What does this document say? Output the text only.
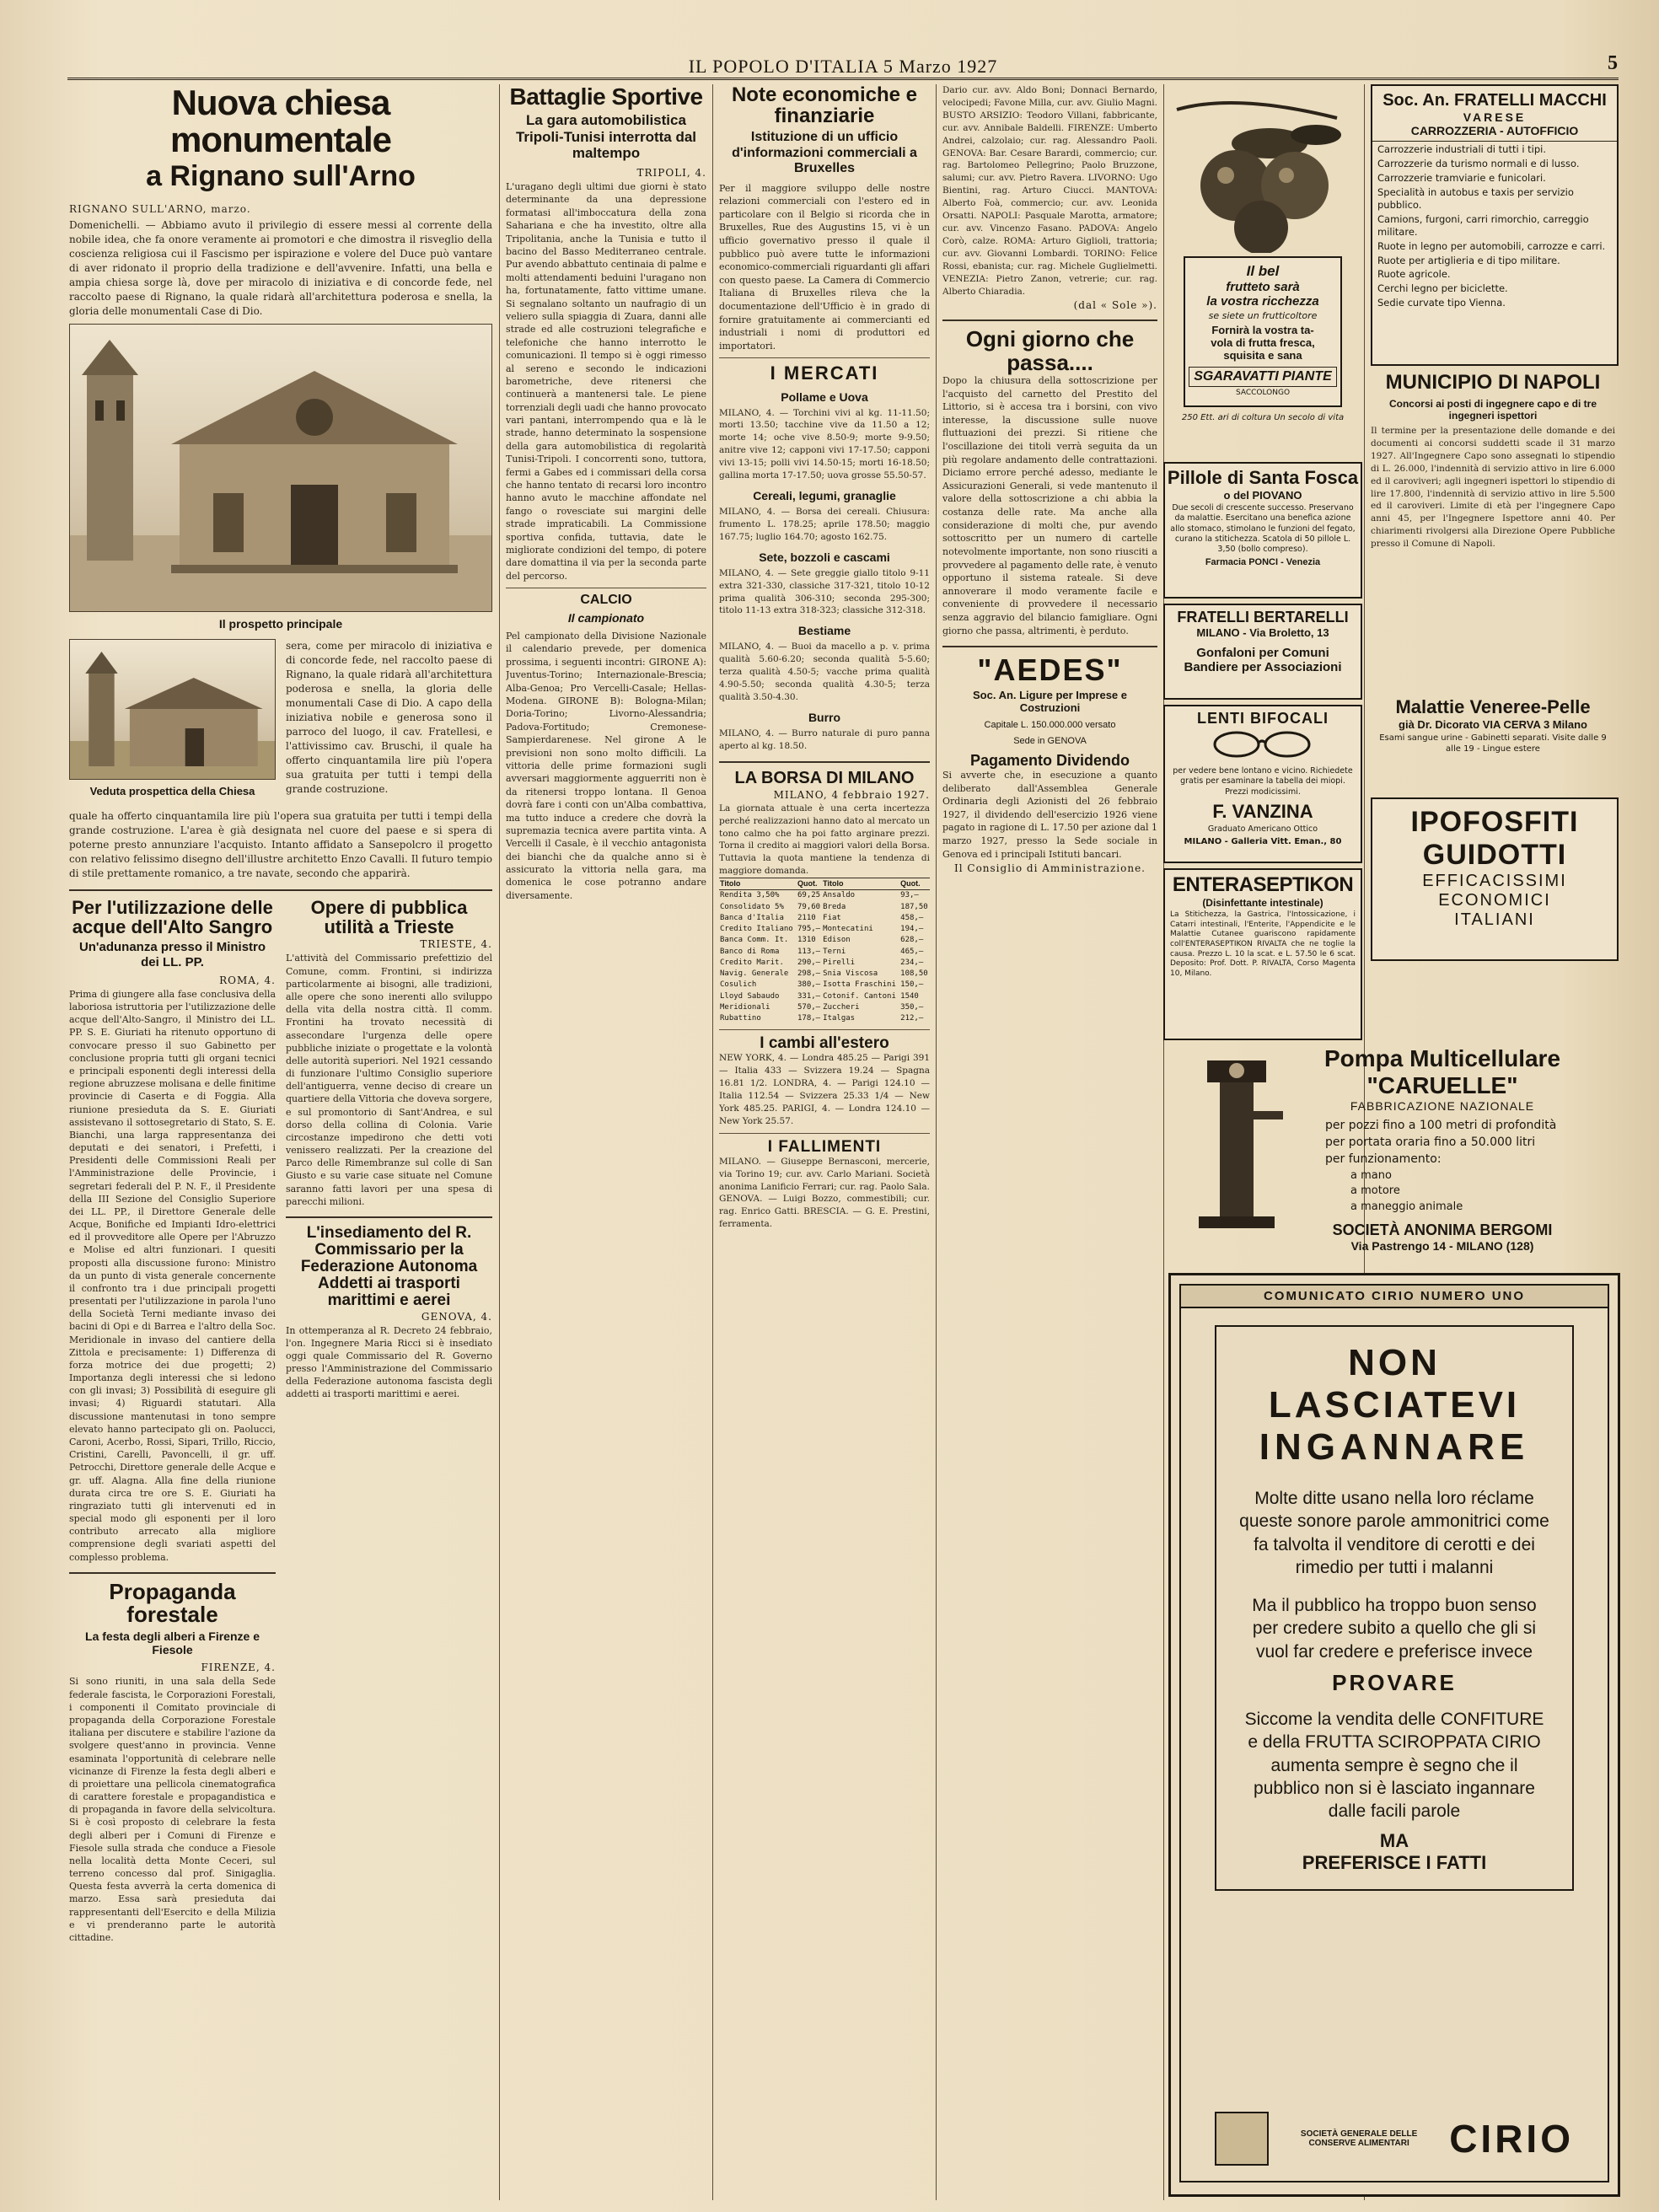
IL POPOLO D'ITALIA 5 Marzo 1927	5
Nuova chiesa monumentale
a Rignano sull'Arno

RIGNANO SULL'ARNO, marzo.
Domenichelli. — Abbiamo avuto il privilegio di essere messi al corrente della nobile idea, che fa onore veramente ai promotori e che dimostra il risveglio della coscienza religiosa cui il Fascismo per ispirazione e volere del Duce può vantare di aver ridonato il proprio della tradizione e dell'avvenire. Infatti, una bella e ampia chiesa sorge là, dove per miracolo di iniziativa e di concorde fede, nel raccolto paese di Rignano, la quale ridarà all'architettura poderosa e snella, la gloria delle monumentali Case di Dio.

Il prospetto principale
Veduta prospettica della Chiesa

sera, come per miracolo di iniziativa e di concorde fede, nel raccolto paese di Rignano, la quale ridarà all'architettura poderosa e snella, la gloria delle monumentali Case di Dio. A capo della iniziativa nobile e generosa sono il parroco del luogo, il cav. Fratellesi, e l'attivissimo cav. Bruschi, il quale ha offerto cinquantamila lire più l'opera sua gratuita per tutti i tempi della grande costruzione.

quale ha offerto cinquantamila lire più l'opera sua gratuita per tutti i tempi della grande costruzione. L'area è già designata nel cuore del paese e si spera di poterne presto annunziare l'acquisto. Intanto affidato a Sansepolcro il progetto con relativo felissimo disegno dell'illustre architetto Enzo Cavalli. Il futuro tempio di stile prettamente romanico, a tre navate, secondo che apparirà.

Per l'utilizzazione delle acque dell'Alto Sangro
Un'adunanza presso il Ministro dei LL. PP.
ROMA, 4.

Prima di giungere alla fase conclusiva della laboriosa istruttoria per l'utilizzazione delle acque dell'Alto-Sangro, il Ministro dei LL. PP. S. E. Giuriati ha ritenuto opportuno di convocare presso il suo Gabinetto per conclusione propria tutti gli organi tecnici e principali esponenti degli interessi della regione abruzzese molisana e delle finitime provincie di Caserta e di Foggia. Alla riunione presieduta da S. E. Giuriati assistevano il sottosegretario di Stato, S. E. Bianchi, una larga rappresentanza dei deputati e dei senatori, i Prefetti, i Presidenti delle Commissioni Reali per l'Amministrazione delle Provincie, i segretari federali del P. N. F., il Presidente della III Sezione del Consiglio Superiore dei LL. PP., il Direttore Generale delle Acque, Bonifiche ed Impianti Idro-elettrici ed il provveditore alle Opere per l'Abruzzo e Molise ed altri funzionari. I quesiti proposti alla discussione furono: Ministro da un punto di vista generale concernente il confronto tra i due principali progetti presentati per l'utilizzazione in parola l'uno della Società Terni mediante invaso dei bacini di Opi e di Barrea e l'altro della Soc. Meridionale in invaso del cantiere della Zittola e precisamente: 1) Differenza di forza motrice dei due progetti; 2) Importanza degli interessi che si ledono con gli invasi; 3) Possibilità di eseguire gli invasi; 4) Riguardi statutari. Alla discussione mantenutasi in tono sempre elevato hanno partecipato gli on. Paolucci, Caroni, Acerbo, Rossi, Sipari, Trillo, Riccio, Cristini, Carelli, Pavoncelli, il gr. uff. Petrocchi, Direttore generale delle Acque e gr. uff. Alagna. Alla fine della riunione durata circa tre ore S. E. Giuriati ha ringraziato tutti gli intervenuti ed in special modo gli esponenti per il loro contributo arrecato alla migliore comprensione degli svariati aspetti del complesso problema.

Propaganda forestale
La festa degli alberi a Firenze e Fiesole
FIRENZE, 4.

Si sono riuniti, in una sala della Sede federale fascista, le Corporazioni Forestali, i componenti il Comitato provinciale di propaganda della Corporazione Forestale italiana per discutere e stabilire l'azione da svolgere quest'anno in provincia. Venne esaminata l'opportunità di celebrare nelle vicinanze di Firenze la festa degli alberi e di proiettare una pellicola cinematografica di carattere forestale e propagandistica e di propaganda in favore della selvicoltura. Si è così proposto di celebrare la festa degli alberi per i Comuni di Firenze e Fiesole sulla strada che conduce a Fiesole nella località detta Monte Ceceri, sul terreno concesso dal prof. Sinigaglia. Questa festa avverrà la certa domenica di marzo. Essa sarà presieduta dai rappresentanti dell'Esercito e della Milizia e vi prenderanno parte le autorità cittadine.

Opere di pubblica utilità a Trieste
TRIESTE, 4.

L'attività del Commissario prefettizio del Comune, comm. Frontini, si indirizza particolarmente ai bisogni, alle tradizioni, alle opere che sono inerenti allo sviluppo della vita della nostra città. Il comm. Frontini ha trovato necessità di assecondare l'urgenza delle opere pubbliche iniziate o progettate e la volontà delle autorità superiori. Nel 1921 cessando di funzionare l'ultimo Consiglio superiore dell'antiguerra, venne deciso di creare un quartiere della Vittoria che doveva sorgere, e sul promontorio di Sant'Andrea, e sul dorso della collina di Colonia. Varie circostanze impedirono che detti voti venissero realizzati. Per la creazione del Parco delle Rimembranze sul colle di San Giusto e su varie case situate nel Comune saranno fatti lavori per una spesa di parecchi milioni.

L'insediamento del R. Commissario per la Federazione Autonoma Addetti ai trasporti marittimi e aerei
GENOVA, 4.

In ottemperanza al R. Decreto 24 febbraio, l'on. Ingegnere Maria Ricci si è insediato oggi quale Commissario del R. Governo presso l'Amministrazione del Commissario della Federazione autonoma fascista degli addetti ai trasporti marittimi e aerei.

Battaglie Sportive
La gara automobilistica Tripoli-Tunisi interrotta dal maltempo
TRIPOLI, 4.

L'uragano degli ultimi due giorni è stato determinante da una depressione formatasi all'imboccatura della zona Sahariana e che ha investito, oltre alla Tripolitania, anche la Tunisia e tutto il bacino del Basso Mediterraneo centrale. Pur avendo abbattuto centinaia di palme e molti attendamenti beduini l'uragano non ha, fortunatamente, fatto vittime umane. Si segnalano soltanto un naufragio di un veliero sulla spiaggia di Zuara, danni alle strade ed alle costruzioni telegrafiche e telefoniche che hanno interrotto le comunicazioni. Il tempo si è oggi rimesso al sereno e secondo le indicazioni barometriche, deve ritenersi che continuerà a mantenersi tale. Le piene torrenziali degli uadi che hanno provocato vari pantani, interrompendo qua e là le strade, hanno determinato la sospensione della gara automobilistica di regolarità Tunisi-Tripoli. I concorrenti sono, tuttora, fermi a Gabes ed i commissari della corsa che hanno tentato di recarsi loro incontro hanno avuto le macchine affondate nel fango o rovesciate sui margini delle strade impraticabili. La Commissione sportiva confida, tuttavia, date le migliorate condizioni del tempo, di potere dare domattina il via per la seconda parte del percorso.

CALCIO
Il campionato

Pel campionato della Divisione Nazionale il calendario prevede, per domenica prossima, i seguenti incontri: GIRONE A): Juventus-Torino; Internazionale-Brescia; Alba-Genoa; Pro Vercelli-Casale; Hellas-Modena. GIRONE B): Bologna-Milan; Doria-Torino; Livorno-Alessandria; Padova-Fortitudo; Cremonese-Sampierdarenese. Nel girone A le previsioni non sono molto difficili. La vittoria delle prime formazioni sugli avversari maggiormente agguerriti non è da ritenersi troppo lontana. Il Genoa dovrà fare i conti con un'Alba combattiva, ma tutto induce a credere che dovrà la supremazia tecnica avere partita vinta. A Vercelli il Casale, è il vecchio antagonista dei bianchi che da qualche anno si è assicurato la vittoria nella gara, ma domenica le cose potranno andare diversamente.

Note economiche e finanziarie
Istituzione di un ufficio d'informazioni commerciali a Bruxelles

Per il maggiore sviluppo delle nostre relazioni commerciali con l'estero ed in particolare con il Belgio si ricorda che in Bruxelles, Rue des Augustins 15, vi è un ufficio governativo presso il quale il pubblico può avere tutte le informazioni economico-commerciali riguardanti gli affari con questo paese. La Camera di Commercio Italiana di Bruxelles rileva che la documentazione dell'Ufficio è in grado di fornire gratuitamente ai commercianti ed industriali i nomi di produttori ed importatori.

I MERCATI
Pollame e Uova

MILANO, 4. — Torchini vivi al kg. 11-11.50; morti 13.50; tacchine vive da 11.50 a 12; morte 14; oche vive 8.50-9; morte 9-9.50; anitre vive 12; capponi vivi 17-17.50; capponi vivi 13-15; polli vivi 14.50-15; morti 16-18.50; gallina morta 17-17.50; uova grosse 55.50-57.

Cereali, legumi, granaglie

MILANO, 4. — Borsa dei cereali. Chiusura: frumento L. 178.25; aprile 178.50; maggio 167.75; luglio 164.70; agosto 162.75.

Sete, bozzoli e cascami

MILANO, 4. — Sete greggie giallo titolo 9-11 extra 321-330, classiche 317-321, titolo 10-12 prima qualità 306-310; seconda 295-300; titolo 11-13 extra 318-323; classiche 312-318.

Bestiame

MILANO, 4. — Buoi da macello a p. v. prima qualità 5.60-6.20; seconda qualità 5-5.60; terza qualità 4.50-5; vacche prima qualità 4.90-5.50; seconda qualità 4.30-5; terza qualità 3.50-4.30.

Burro

MILANO, 4. — Burro naturale di puro panna aperto al kg. 18.50.

LA BORSA DI MILANO
MILANO, 4 febbraio 1927.

La giornata attuale è una certa incertezza perché realizzazioni hanno dato al mercato un tono calmo che ha poi fatto arginare prezzi. Torna il credito ai maggiori valori della Borsa. Tuttavia la quota mantiene la tendenza di maggiore domanda.

Titolo	Quot.	Titolo	Quot.
Rendita 3,50%	69,25	Ansaldo	93,—
Consolidato 5%	79,60	Breda	187,50
Banca d'Italia	2110	Fiat	458,—
Credito Italiano	795,—	Montecatini	194,—
Banca Comm. It.	1310	Edison	628,—
Banco di Roma	113,—	Terni	465,—
Credito Marit.	290,—	Pirelli	234,—
Navig. Generale	298,—	Snia Viscosa	108,50
Cosulich	380,—	Isotta Fraschini	150,—
Lloyd Sabaudo	331,—	Cotonif. Cantoni	1540
Meridionali	570,—	Zuccheri	350,—
Rubattino	178,—	Italgas	212,—
I cambi all'estero

NEW YORK, 4. — Londra 485.25 — Parigi 391 — Italia 433 — Svizzera 19.24 — Spagna 16.81 1/2. LONDRA, 4. — Parigi 124.10 — Italia 112.54 — Svizzera 25.33 1/4 — New York 485.25. PARIGI, 4. — Londra 124.10 — New York 25.57.

I FALLIMENTI

MILANO. — Giuseppe Bernasconi, mercerie, via Torino 19; cur. avv. Carlo Mariani. Società anonima Lanificio Ferrari; cur. rag. Paolo Sala. GENOVA. — Luigi Bozzo, commestibili; cur. rag. Enrico Gatti. BRESCIA. — G. E. Prestini, ferramenta.

Dario cur. avv. Aldo Boni; Donnaci Bernardo, velocipedi; Favone Milla, cur. avv. Giulio Magni. BUSTO ARSIZIO: Teodoro Villani, fabbricante, cur. avv. Annibale Baldelli. FIRENZE: Umberto Andrei, calzolaio; cur. rag. Alessandro Paoli. GENOVA: Bar. Cesare Barardi, commercio; cur. rag. Bartolomeo Pellegrino; Paolo Bruzzone, salumi; cur. avv. Pietro Ravera. LIVORNO: Ugo Bientini, rag. Arturo Ciucci. MANTOVA: Alberto Foà, commercio; cur. avv. Leonida Orsatti. NAPOLI: Pasquale Marotta, armatore; cur. avv. Vincenzo Fasano. PADOVA: Angelo Corò, calze. ROMA: Arturo Giglioli, trattoria; cur. avv. Giovanni Lombardi. TORINO: Felice Rossi, ebanista; cur. rag. Michele Guglielmetti. VENEZIA: Pietro Zanon, vetrerie; cur. rag. Alberto Chiaradia.

(dal « Sole »).
Ogni giorno che passa....

Dopo la chiusura della sottoscrizione per l'acquisto del carnetto del Prestito del Littorio, si è accesa tra i borsini, con vivo interesse, la discussione sulle nuove fluttuazioni dei prezzi. Si ritiene che l'oscillazione dei titoli verrà seguita da un più regolare andamento delle contrattazioni. Diciamo errore perché adesso, mediante le Assicurazioni Generali, si vede mantenuto il valore della sottoscrizione a chi abbia la costanza delle rate. Ma anche alla considerazione di molti che, pur avendo sottoscritto per un numero di cartelle notevolmente importante, non sono riusciti a provvedere al pagamento delle rate, è venuto opportuno il sistema rateale. Si deve annoverare il modo veramente facile e conveniente di provvedere il necessario senza aggravio del bilancio famigliare. Ogni giorno che passa, altrimenti, è perduto.

"AEDES"
Soc. An. Ligure per Imprese e Costruzioni
Capitale L. 150.000.000 versato
Sede in GENOVA
Pagamento Dividendo

Si avverte che, in esecuzione a quanto deliberato dall'Assemblea Generale Ordinaria degli Azionisti del 26 febbraio 1927, il dividendo dell'esercizio 1926 viene pagato in ragione di L. 17.50 per azione dal 1 marzo 1927, presso la Sede sociale in Genova ed i principali Istituti bancari.

Il Consiglio di Amministrazione.
Il bel
frutteto sarà
la vostra ricchezza
se siete un frutticoltore
Fornirà la vostra ta-
vola di frutta fresca,
squisita e sana
SGARAVATTI PIANTE
SACCOLONGO
250 Ett. ari di coltura Un secolo di vita
Pillole di Santa Fosca
o del PIOVANO
Due secoli di crescente successo. Preservano da malattie. Esercitano una benefica azione allo stomaco, stimolano le funzioni del fegato, curano la stitichezza. Scatola di 50 pillole L. 3,50 (bollo compreso).
Farmacia PONCI - Venezia
FRATELLI BERTARELLI
MILANO - Via Broletto, 13
Gonfaloni per Comuni
Bandiere per Associazioni
LENTI BIFOCALI
per vedere bene lontano e vicino. Richiedete gratis per esaminare la tabella dei miopi. Prezzi modicissimi.
F. VANZINA
Graduato Americano Ottico
MILANO - Galleria Vitt. Eman., 80
ENTERASEPTIKON
(Disinfettante intestinale)
La Stitichezza, la Gastrica, l'Intossicazione, i Catarri intestinali, l'Enterite, l'Appendicite e le Malattie Cutanee guariscono rapidamente coll'ENTERASEPTIKON RIVALTA che ne toglie la causa. Prezzo L. 10 la scat. e L. 57.50 le 6 scat. Deposito: Prof. Dott. P. RIVALTA, Corso Magenta 10, Milano.
Soc. An. FRATELLI MACCHI
VARESE
CARROZZERIA - AUTOFFICIO
Carrozzerie industriali di tutti i tipi.
Carrozzerie da turismo normali e di lusso.
Carrozzerie tramviarie e funicolari.
Specialità in autobus e taxis per servizio pubblico.
Camions, furgoni, carri rimorchio, carreggio militare.
Ruote in legno per automobili, carrozze e carri.
Ruote per artiglieria e di tipo militare.
Ruote agricole.
Cerchi legno per biciclette.
Sedie curvate tipo Vienna.
MUNICIPIO DI NAPOLI
Concorsi ai posti di ingegnere capo e di tre ingegneri ispettori

Il termine per la presentazione delle domande e dei documenti ai concorsi suddetti scade il 31 marzo 1927. All'Ingegnere Capo sono assegnati lo stipendio di L. 26.000, l'indennità di servizio attivo in lire 6.000 ed il caroviveri; agli ingegneri ispettori lo stipendio di lire 17.800, l'indennità di servizio attivo in lire 5.500 ed il caroviveri. Limite di età per l'ingegnere Capo anni 45, per l'Ingegnere Ispettore anni 40. Per chiarimenti rivolgersi alla Direzione Opere Pubbliche presso il Comune di Napoli.

Malattie Veneree-Pelle
già Dr. Dicorato VIA CERVA 3 Milano
Esami sangue urine - Gabinetti separati. Visite dalle 9 alle 19 - Lingue estere
IPOFOSFITI
GUIDOTTI
EFFICACISSIMI
ECONOMICI
ITALIANI
Pompa Multicellulare
"CARUELLE"
FABBRICAZIONE NAZIONALE
per pozzi fino a 100 metri di profondità
per portata oraria fino a 50.000 litri
per funzionamento:
a mano
a motore
a maneggio animale
SOCIETÀ ANONIMA BERGOMI
Via Pastrengo 14 - MILANO (128)
COMUNICATO CIRIO NUMERO UNO
NON LASCIATEVI
INGANNARE

Molte ditte usano nella loro réclame queste sonore parole ammonitrici come fa talvolta il venditore di cerotti e dei rimedio per tutti i malanni

Ma il pubblico ha troppo buon senso per credere subito a quello che gli si vuol far credere e preferisce invece

PROVARE

Siccome la vendita delle CONFITURE e della FRUTTA SCIROPPATA CIRIO aumenta sempre è segno che il pubblico non si è lasciato ingannare dalle facili parole

MA
PREFERISCE I FATTI
SOCIETÀ GENERALE DELLE
CONSERVE ALIMENTARI CIRIO
